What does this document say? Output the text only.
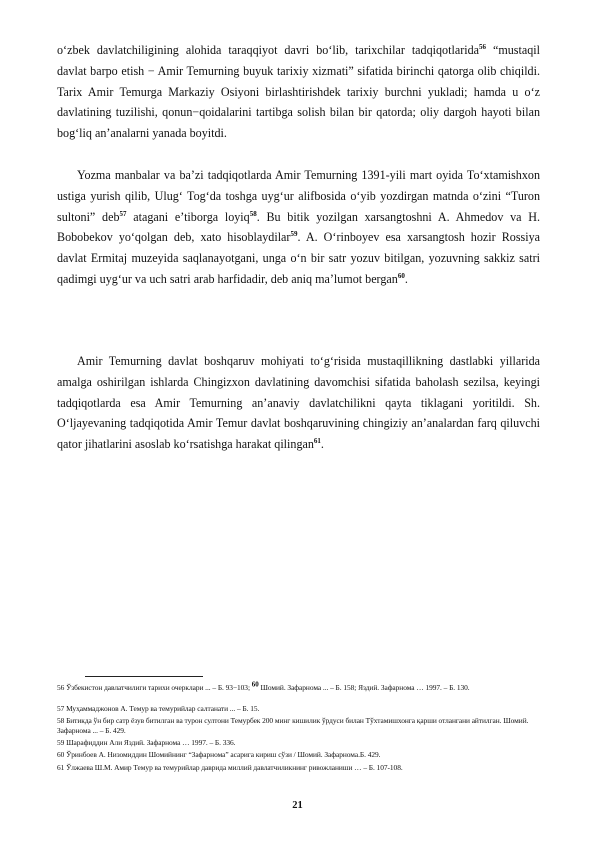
o‘zbek davlatchiligining alohida taraqqiyot davri bo‘lib, tarixchilar tadqiqotlarida$^{56}$ “mustaqil davlat barpo etish − Amir Temurning buyuk tarixiy xizmati” sifatida birinchi qatorga olib chiqildi. Tarix Amir Temurga Markaziy Osiyoni birlashtirishdek tarixiy burchni yukladi; hamda u o‘z davlatining tuzilishi, qonun−qoidalarini tartibga solish bilan bir qatorda; oliy dargoh hayoti bilan bog‘liq an’analarni yanada boyitdi.

Yozma manbalar va ba’zi tadqiqotlarda Amir Temurning 1391-yili mart oyida To‘xtamishxon ustiga yurish qilib, Ulug‘ Tog‘da toshga uyg‘ur alifbosida o‘yib yozdirgan matnda o‘zini “Turon sultoni” deb$^{57}$ atagani e’tiborga loyiq$^{58}$. Bu bitik yozilgan xarsangtoshni A. Ahmedov va H. Bobobekov yo‘qolgan deb, xato hisoblaydilar$^{59}$. A. O‘rinboyev esa xarsangtosh hozir Rossiya davlat Ermitaj muzeyida saqlanayotgani, unga o‘n bir satr yozuv bitilgan, yozuvning sakkiz satri qadimgi uyg‘ur va uch satri arab harfidadir, deb aniq ma’lumot bergan$^{60}$.

Amir Temurning davlat boshqaruv mohiyati to‘g‘risida mustaqillikning dastlabki yillarida amalga oshirilgan ishlarda Chingizxon davlatining davomchisi sifatida baholash sezilsa, keyingi tadqiqotlarda esa Amir Temurning an’anaviy davlatchilikni qayta tiklagani yoritildi. Sh. O‘ljayevaning tadqiqotida Amir Temur davlat boshqaruvining chingiziy an’analardan farq qiluvchi qator jihatlarini asoslab ko‘rsatishga harakat qilingan$^{61}$.

56 Ўзбекистон давлатчилиги тарихи очерклари ... – Б. 93−103; $^{60}$ Шомий. Зафарнома ... – Б. 158; Яздий. Зафарнома … 1997. – Б. 130.

57 Муҳаммаджонов А. Темур ва темурийлар салтанати ... – Б. 15.

58 Битикда ўн бир сатр ёзув битилган ва турон султони Темурбек 200 минг кишилик ўрдуси билан Тўхтамишхонга қарши отлангани айтилган. Шомий. Зафарнома ... – Б. 429.

59 Шарафиддин Али Яздий. Зафарнома … 1997. – Б. 336.

60 Ўринбоев А. Низомиддин Шомийнинг “Зафарнома” асарига кириш сўзи / Шомий. Зафарнома.Б. 429.

61 Ўлжаева Ш.М. Амир Темур ва темурийлар даврида миллий давлатчиликнинг ривожланиши … – Б. 107-108.

21
